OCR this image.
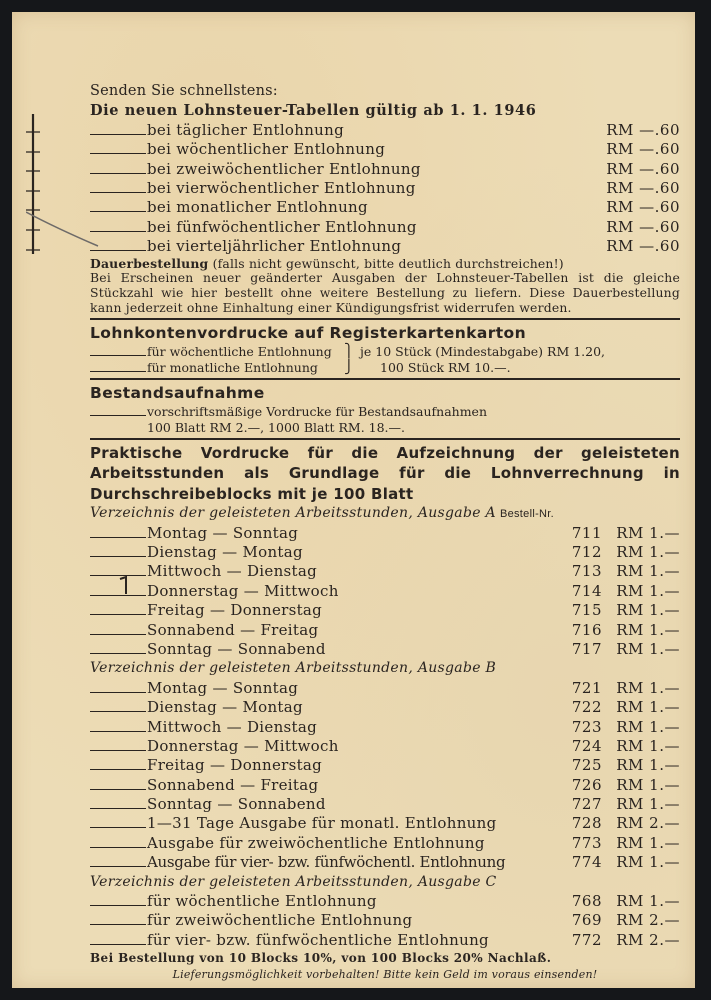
Senden Sie schnellstens:
Die neuen Lohnsteuer-Tabellen gültig ab 1. 1. 1946
bei täglicher Entlohnung	RM —.60
bei wöchentlicher Entlohnung	RM —.60
bei zweiwöchentlicher Entlohnung	RM —.60
bei vierwöchentlicher Entlohnung	RM —.60
bei monatlicher Entlohnung	RM —.60
bei fünfwöchentlicher Entlohnung	RM —.60
bei vierteljährlicher Entlohnung	RM —.60
Dauerbestellung (falls nicht gewünscht, bitte deutlich durchstreichen!)
Bei Erscheinen neuer geänderter Ausgaben der Lohnsteuer-Tabellen ist die gleiche Stückzahl wie hier bestellt ohne weitere Bestellung zu liefern. Diese Dauerbestellung kann jederzeit ohne Einhaltung einer Kündigungsfrist widerrufen werden.
Lohnkontenvordrucke auf Registerkartenkarton
für wöchentliche Entlohnung ⎫ je 10 Stück (Mindestabgabe) RM 1.20,
für monatliche Entlohnung ⎭ 100 Stück RM 10.—.
Bestandsaufnahme
vorschriftsmäßige Vordrucke für Bestandsaufnahmen
100 Blatt RM 2.—, 1000 Blatt RM. 18.—.
Praktische Vordrucke für die Aufzeichnung der geleisteten Arbeitsstunden als Grundlage für die Lohnverrechnung in Durchschreibeblocks mit je 100 Blatt
Verzeichnis der geleisteten Arbeitsstunden, Ausgabe A Bestell-Nr.
Montag — Sonntag	711 RM 1.—
Dienstag — Montag	712 RM 1.—
Mittwoch — Dienstag	713 RM 1.—
Donnerstag — Mittwoch	714 RM 1.—
Freitag — Donnerstag	715 RM 1.—
Sonnabend — Freitag	716 RM 1.—
Sonntag — Sonnabend	717 RM 1.—
Verzeichnis der geleisteten Arbeitsstunden, Ausgabe B
Montag — Sonntag	721 RM 1.—
Dienstag — Montag	722 RM 1.—
Mittwoch — Dienstag	723 RM 1.—
Donnerstag — Mittwoch	724 RM 1.—
Freitag — Donnerstag	725 RM 1.—
Sonnabend — Freitag	726 RM 1.—
Sonntag — Sonnabend	727 RM 1.—
1—31 Tage Ausgabe für monatl. Entlohnung	728 RM 2.—
Ausgabe für zweiwöchentliche Entlohnung	773 RM 1.—
Ausgabe für vier- bzw. fünfwöchentl. Entlohnung	774 RM 1.—
Verzeichnis der geleisteten Arbeitsstunden, Ausgabe C
für wöchentliche Entlohnung	768 RM 1.—
für zweiwöchentliche Entlohnung	769 RM 2.—
für vier- bzw. fünfwöchentliche Entlohnung	772 RM 2.—
Bei Bestellung von 10 Blocks 10%, von 100 Blocks 20% Nachlaß.
Lieferungsmöglichkeit vorbehalten! Bitte kein Geld im voraus einsenden!
